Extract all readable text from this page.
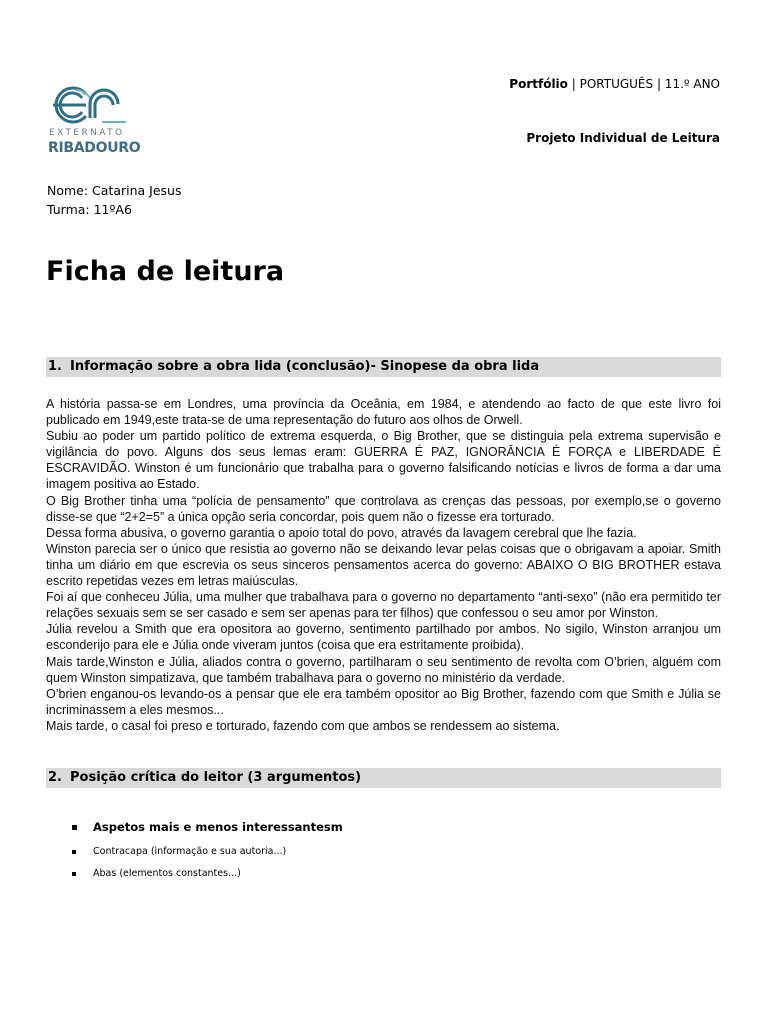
EXTERNATO
RIBADOURO
Portfólio | PORTUGUÊS | 11.º ANO
Projeto Individual de Leitura
Nome: Catarina Jesus
Turma: 11ºA6
Ficha de leitura
1. Informação sobre a obra lida (conclusão)- Sinopese da obra lida

A história passa-se em Londres, uma província da Oceânia, em 1984, e atendendo ao facto de que este livro foi publicado em 1949,este trata-se de uma representação do futuro aos olhos de Orwell.

Subiu ao poder um partido político de extrema esquerda, o Big Brother, que se distinguia pela extrema supervisão e vigilância do povo. Alguns dos seus lemas eram: GUERRA É PAZ, IGNORÂNCIA É FORÇA e LIBERDADE É ESCRAVIDÃO. Winston é um funcionário que trabalha para o governo falsificando notícias e livros de forma a dar uma imagem positiva ao Estado.

O Big Brother tinha uma “polícia de pensamento” que controlava as crenças das pessoas, por exemplo,se o governo disse-se que “2+2=5” a única opção seria concordar, pois quem não o fizesse era torturado.

Dessa forma abusiva, o governo garantia o apoio total do povo, através da lavagem cerebral que lhe fazia.

Winston parecia ser o único que resistia ao governo não se deixando levar pelas coisas que o obrigavam a apoiar. Smith tinha um diário em que escrevia os seus sinceros pensamentos acerca do governo: ABAIXO O BIG BROTHER estava escrito repetidas vezes em letras maiúsculas.

Foi aí que conheceu Júlia, uma mulher que trabalhava para o governo no departamento “anti-sexo” (não era permitido ter relações sexuais sem se ser casado e sem ser apenas para ter filhos) que confessou o seu amor por Winston.

Júlia revelou a Smith que era opositora ao governo, sentimento partilhado por ambos. No sigilo, Winston arranjou um esconderijo para ele e Júlia onde viveram juntos (coisa que era estritamente proibida).

Mais tarde,Winston e Júlia, aliados contra o governo, partilharam o seu sentimento de revolta com O’brien, alguém com quem Winston simpatizava, que também trabalhava para o governo no ministério da verdade.

O’brien enganou-os levando-os a pensar que ele era também opositor ao Big Brother, fazendo com que Smith e Júlia se incriminassem a eles mesmos...

Mais tarde, o casal foi preso e torturado, fazendo com que ambos se rendessem ao sistema.

2. Posição crítica do leitor (3 argumentos)
Aspetos mais e menos interessantesm
Contracapa (informação e sua autoria...)
Abas (elementos constantes...)
